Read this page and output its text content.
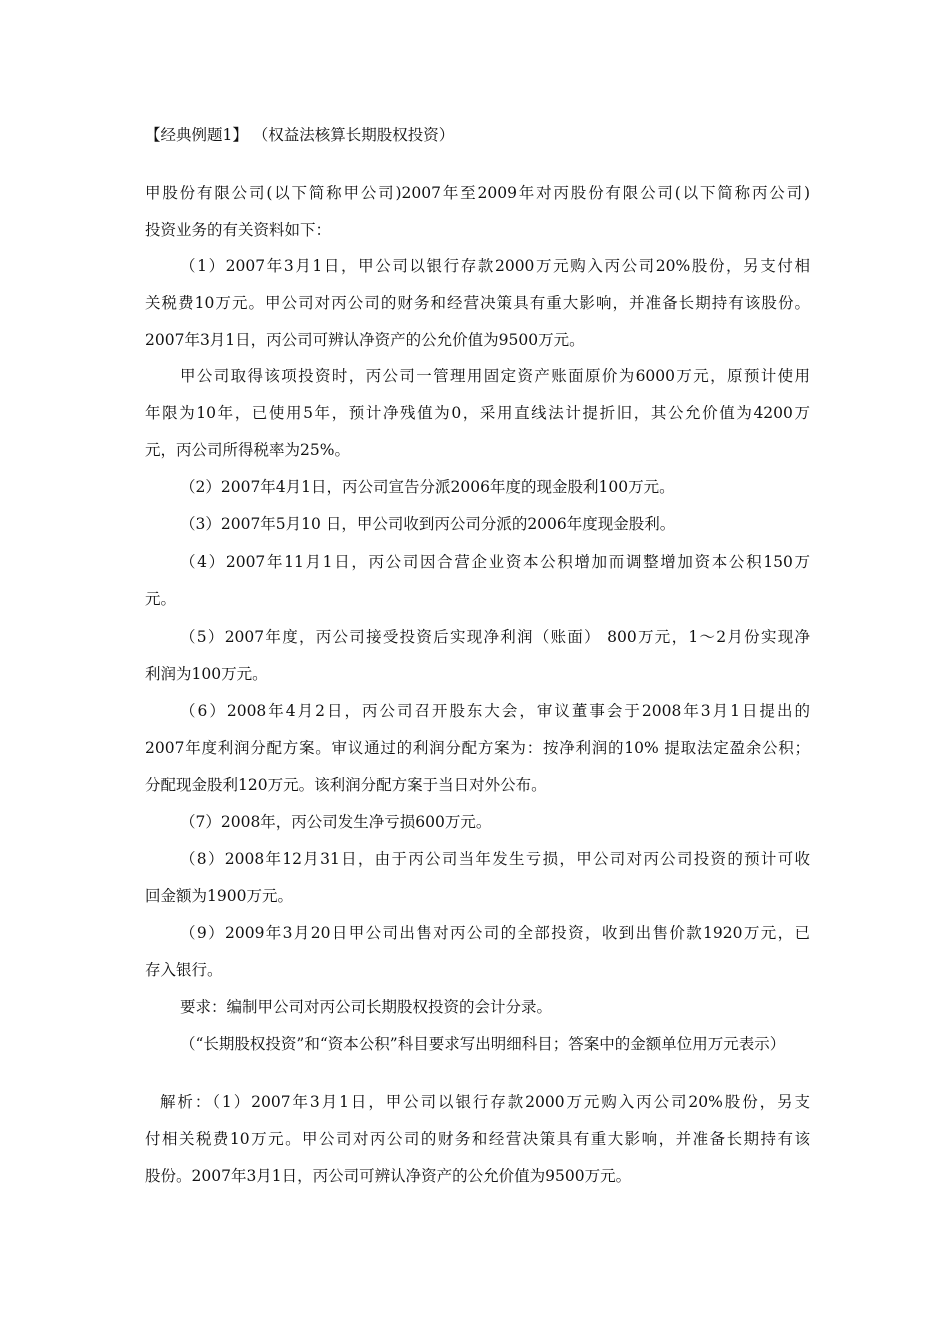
【经典例题1】 （权益法核算长期股权投资）
甲股份有限公司(以下简称甲公司)2007年至2009年对丙股份有限公司(以下简称丙公司)
投资业务的有关资料如下：
（1）2007年3月1日，甲公司以银行存款2000万元购入丙公司20%股份，另支付相
关税费10万元。甲公司对丙公司的财务和经营决策具有重大影响，并准备长期持有该股份。
2007年3月1日，丙公司可辨认净资产的公允价值为9500万元。
甲公司取得该项投资时，丙公司一管理用固定资产账面原价为6000万元，原预计使用
年限为10年，已使用5年，预计净残值为0，采用直线法计提折旧，其公允价值为4200万
元，丙公司所得税率为25%。
（2）2007年4月1日，丙公司宣告分派2006年度的现金股利100万元。
（3）2007年5月10 日，甲公司收到丙公司分派的2006年度现金股利。
（4）2007年11月1日，丙公司因合营企业资本公积增加而调整增加资本公积150万
元。
（5）2007年度，丙公司接受投资后实现净利润（账面） 800万元，1～2月份实现净
利润为100万元。
（6）2008年4月2日，丙公司召开股东大会，审议董事会于2008年3月1日提出的
2007年度利润分配方案。审议通过的利润分配方案为：按净利润的10% 提取法定盈余公积；
分配现金股利120万元。该利润分配方案于当日对外公布。
（7）2008年，丙公司发生净亏损600万元。
（8）2008年12月31日，由于丙公司当年发生亏损，甲公司对丙公司投资的预计可收
回金额为1900万元。
（9）2009年3月20日甲公司出售对丙公司的全部投资，收到出售价款1920万元，已
存入银行。
要求：编制甲公司对丙公司长期股权投资的会计分录。
（“长期股权投资”和“资本公积”科目要求写出明细科目；答案中的金额单位用万元表示）
解析：（1）2007年3月1日，甲公司以银行存款2000万元购入丙公司20%股份，另支
付相关税费10万元。甲公司对丙公司的财务和经营决策具有重大影响，并准备长期持有该
股份。2007年3月1日，丙公司可辨认净资产的公允价值为9500万元。
